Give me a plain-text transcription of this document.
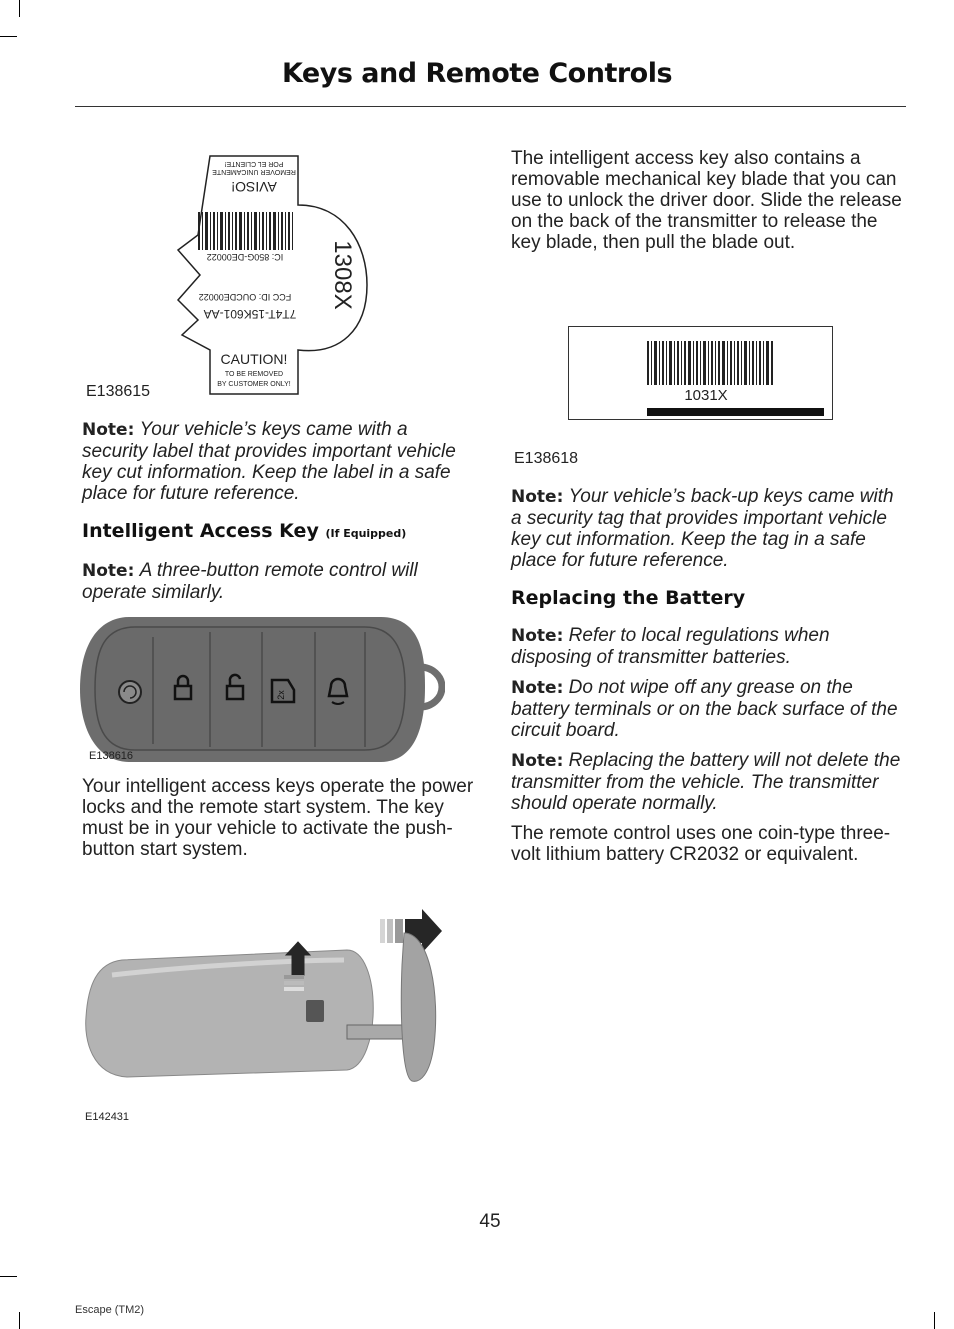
Keys and Remote Controls
AVISO!
REMOVER UNICAMENTE
POR EL CLIENTE!
IC: 850G-DE00022
FCC ID: OUCDE00022
7T4T-15K601-AA
1308X
CAUTION!
TO BE REMOVED
BY CUSTOMER ONLY!
E138615

Note: Your vehicle’s keys came with a security label that provides important vehicle key cut information. Keep the label in a safe place for future reference.

Intelligent Access Key (If Equipped)

Note: A three-button remote control will operate similarly.

2x
E138616

Your intelligent access keys operate the power locks and the remote start system. The key must be in your vehicle to activate the push-button start system.

E142431

The intelligent access key also contains a removable mechanical key blade that you can use to unlock the driver door. Slide the release on the back of the transmitter to release the key blade, then pull the blade out.

1031X
E138618

Note: Your vehicle’s back-up keys came with a security tag that provides important vehicle key cut information. Keep the tag in a safe place for future reference.

Replacing the Battery

Note: Refer to local regulations when disposing of transmitter batteries.

Note: Do not wipe off any grease on the battery terminals or on the back surface of the circuit board.

Note: Replacing the battery will not delete the transmitter from the vehicle. The transmitter should operate normally.

The remote control uses one coin-type three-volt lithium battery CR2032 or equivalent.

45
Escape (TM2)
